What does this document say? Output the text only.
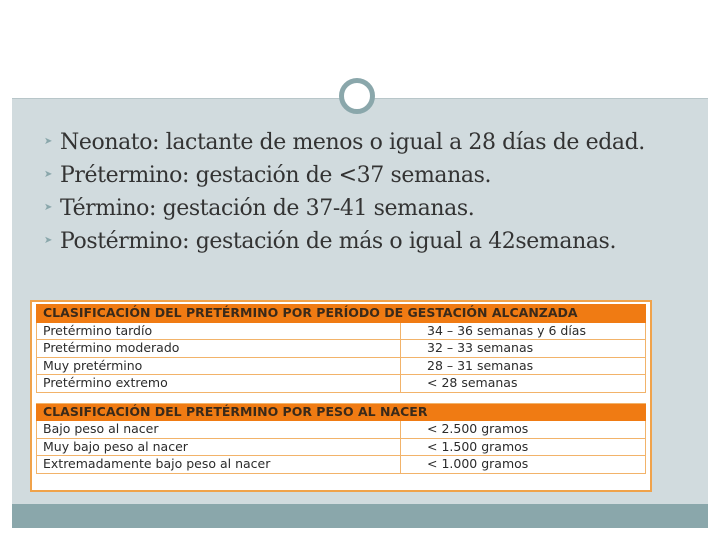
➤ Neonato: lactante de menos o igual a 28 días de edad.
➤ Prétermino: gestación de <37 semanas.
➤ Término: gestación de 37-41 semanas.
➤ Postérmino: gestación de más o igual a 42semanas.
CLASIFICACIÓN DEL PRETÉRMINO POR PERÍODO DE GESTACIÓN ALCANZADA	
Pretérmino tardío	34 – 36 semanas y 6 días
Pretérmino moderado	32 – 33 semanas
Muy pretérmino	28 – 31 semanas
Pretérmino extremo	< 28 semanas

CLASIFICACIÓN DEL PRETÉRMINO POR PESO AL NACER	
Bajo peso al nacer	< 2.500 gramos
Muy bajo peso al nacer	< 1.500 gramos
Extremadamente bajo peso al nacer	< 1.000 gramos
